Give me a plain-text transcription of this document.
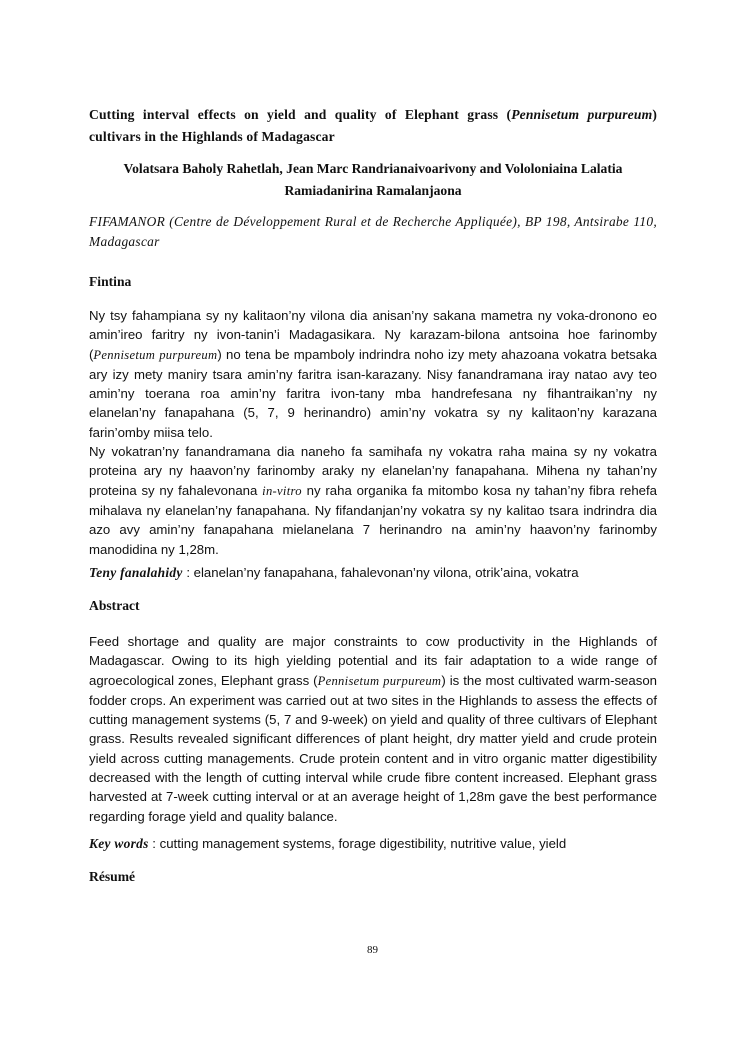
Cutting interval effects on yield and quality of Elephant grass (Pennisetum purpureum) cultivars in the Highlands of Madagascar
Volatsara Baholy Rahetlah, Jean Marc Randrianaivoarivony and Vololoniaina Lalatia
Ramiadanirina Ramalanjaona
FIFAMANOR (Centre de Développement Rural et de Recherche Appliquée), BP 198, Antsirabe 110, Madagascar
Fintina

Ny tsy fahampiana sy ny kalitaon’ny vilona dia anisan’ny sakana mametra ny voka-dronono eo amin’ireo faritry ny ivon-tanin’i Madagasikara. Ny karazam-bilona antsoina hoe farinomby (Pennisetum purpureum) no tena be mpamboly indrindra noho izy mety ahazoana vokatra betsaka ary izy mety maniry tsara amin’ny faritra isan-karazany. Nisy fanandramana iray natao avy teo amin’ny toerana roa amin’ny faritra ivon-tany mba handrefesana ny fihantraikan’ny ny elanelan’ny fanapahana (5, 7, 9 herinandro) amin’ny vokatra sy ny kalitaon’ny karazana farin’omby miisa telo.

Ny vokatran’ny fanandramana dia naneho fa samihafa ny vokatra raha maina sy ny vokatra proteina ary ny haavon’ny farinomby araky ny elanelan’ny fanapahana. Mihena ny tahan’ny proteina sy ny fahalevonana in-vitro ny raha organika fa mitombo kosa ny tahan’ny fibra rehefa mihalava ny elanelan’ny fanapahana. Ny fifandanjan’ny vokatra sy ny kalitao tsara indrindra dia azo avy amin’ny fanapahana mielanelana 7 herinandro na amin’ny haavon’ny farinomby manodidina ny 1,28m.

Teny fanalahidy : elanelan’ny fanapahana, fahalevonan’ny vilona, otrik’aina, vokatra
Abstract

Feed shortage and quality are major constraints to cow productivity in the Highlands of Madagascar. Owing to its high yielding potential and its fair adaptation to a wide range of agroecological zones, Elephant grass (Pennisetum purpureum) is the most cultivated warm-season fodder crops. An experiment was carried out at two sites in the Highlands to assess the effects of cutting management systems (5, 7 and 9-week) on yield and quality of three cultivars of Elephant grass. Results revealed significant differences of plant height, dry matter yield and crude protein yield across cutting managements. Crude protein content and in vitro organic matter digestibility decreased with the length of cutting interval while crude fibre content increased. Elephant grass harvested at 7-week cutting interval or at an average height of 1,28m gave the best performance regarding forage yield and quality balance.

Key words : cutting management systems, forage digestibility, nutritive value, yield
Résumé
89
